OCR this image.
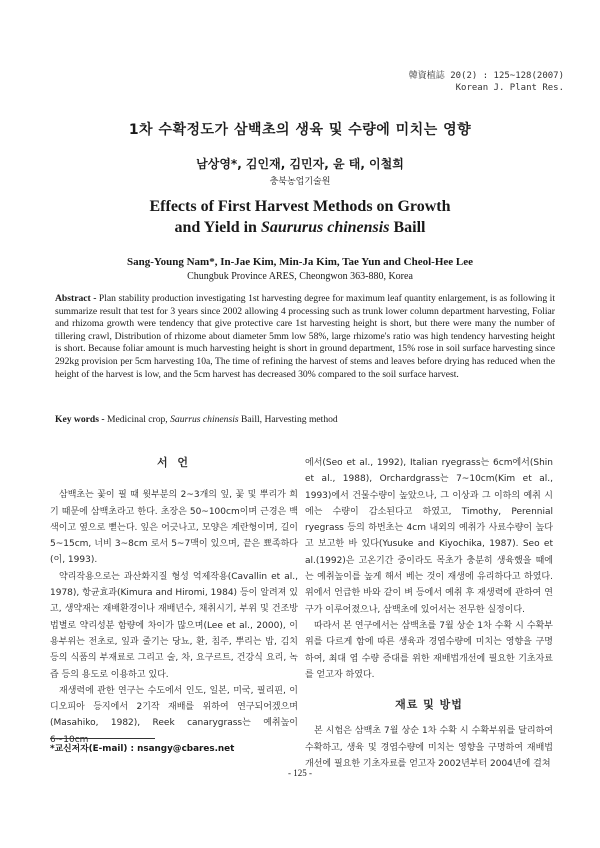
韓資植誌 20(2) : 125~128(2007)
Korean J. Plant Res.
1차 수확정도가 삼백초의 생육 및 수량에 미치는 영향
남상영*, 김인재, 김민자, 윤 태, 이철희
충북농업기술원
Effects of First Harvest Methods on Growth
and Yield in Saururus chinensis Baill
Sang-Young Nam*, In-Jae Kim, Min-Ja Kim, Tae Yun and Cheol-Hee Lee
Chungbuk Province ARES, Cheongwon 363-880, Korea
Abstract - Plan stability production investigating 1st harvesting degree for maximum leaf quantity enlargement, is as following it summarize result that test for 3 years since 2002 allowing 4 processing such as trunk lower column department harvesting, Foliar and rhizoma growth were tendency that give protective care 1st harvesting height is short, but there were many the number of tillering crawl, Distribution of rhizome about diameter 5mm low 58%, large rhizome's ratio was high tendency harvesting height is short. Because foliar amount is much harvesting height is short in ground department, 15% rose in soil surface harvesting since 292kg provision per 5cm harvesting 10a, The time of refining the harvest of stems and leaves before drying has reduced when the height of the harvest is low, and the 5cm harvest has decreased 30% compared to the soil surface harvest.
Key words - Medicinal crop, Saurrus chinensis Baill, Harvesting method
서 언

삼백초는 꽃이 필 때 윗부분의 2~3개의 잎, 꽃 및 뿌리가 희기 때문에 삼백초라고 한다. 초장은 50~100cm이며 근경은 백색이고 옆으로 뻗는다. 잎은 어긋나고, 모양은 계란형이며, 길이 5~15cm, 너비 3~8cm 로서 5~7맥이 있으며, 끝은 뾰족하다(이, 1993).

약리작용으로는 과산화지질 형성 억제작용(Cavallin et al., 1978), 항균효과(Kimura and Hiromi, 1984) 등이 알려져 있고, 생약재는 재배환경이나 재배년수, 채취시기, 부위 및 건조방법별로 약리성분 함량에 차이가 많으며(Lee et al., 2000), 이용부위는 전초로, 잎과 줄기는 당뇨, 환, 침주, 뿌리는 밥, 김치 등의 식품의 부재료로 그리고 술, 차, 요구르트, 건강식 요리, 녹즙 등의 용도로 이용하고 있다.

재생력에 관한 연구는 수도에서 인도, 일본, 미국, 필리핀, 이디오피아 등지에서 2기작 재배를 위하여 연구되어겠으며(Masahiko, 1982), Reek canarygrass는 예취높이 6~10cm

에서(Seo et al., 1992), Italian ryegrass는 6cm에서(Shin et al., 1988), Orchardgrass는 7~10cm(Kim et al., 1993)에서 건물수량이 높았으나, 그 이상과 그 이하의 예취 시에는 수량이 감소된다고 하였고, Timothy, Perennial ryegrass 등의 하번초는 4cm 내외의 예취가 사료수량이 높다고 보고한 바 있다(Yusuke and Kiyochika, 1987). Seo et al.(1992)은 고온기간 중이라도 목초가 충분히 생육했을 때에는 예취높이를 높게 해서 베는 것이 재생에 유리하다고 하였다. 위에서 언급한 바와 같이 벼 등에서 예취 후 재생력에 관하여 연구가 이루어졌으나, 삼백초에 있어서는 전무한 실정이다.

따라서 본 연구에서는 삼백초를 7월 상순 1차 수확 시 수확부위를 다르게 함에 따른 생육과 경엽수량에 미치는 영향을 구명하여, 최대 엽 수량 증대를 위한 재배법개선에 필요한 기초자료를 얻고자 하였다.

재료 및 방법

본 시험은 삼백초 7월 상순 1차 수확 시 수확부위를 달리하여 수확하고, 생육 및 경엽수량에 미치는 영향을 구명하여 재배법 개선에 필요한 기초자료를 얻고자 2002년부터 2004년에 걸쳐

*교신저자(E-mail) : nsangy@cbares.net
- 125 -
